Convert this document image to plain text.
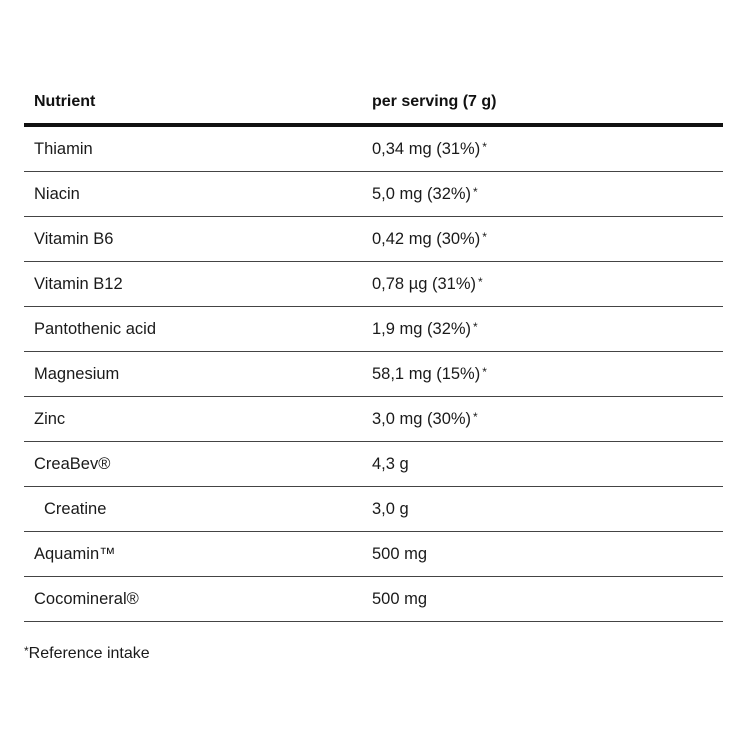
Nutrient	per serving (7 g)
Thiamin	0,34 mg (31%) *
Niacin	5,0 mg (32%) *
Vitamin B6	0,42 mg (30%) *
Vitamin B12	0,78 µg (31%) *
Pantothenic acid	1,9 mg (32%) *
Magnesium	58,1 mg (15%) *
Zinc	3,0 mg (30%) *
CreaBev®	4,3 g
Creatine	3,0 g
Aquamin™	500 mg
Cocomineral®	500 mg
*Reference intake
